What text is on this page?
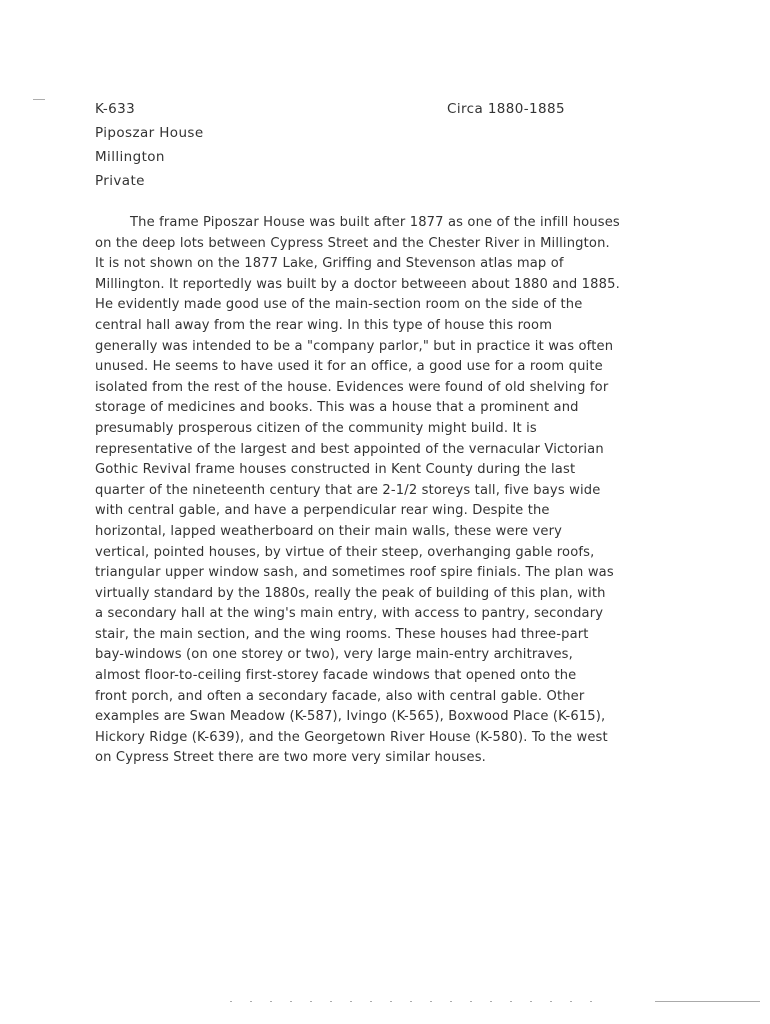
K-633
Piposzar House
Millington
Private
Circa 1880-1885
The frame Piposzar House was built after 1877 as one of the infill houses
on the deep lots between Cypress Street and the Chester River in Millington.
It is not shown on the 1877 Lake, Griffing and Stevenson atlas map of
Millington. It reportedly was built by a doctor betweeen about 1880 and 1885.
He evidently made good use of the main-section room on the side of the
central hall away from the rear wing. In this type of house this room
generally was intended to be a "company parlor," but in practice it was often
unused. He seems to have used it for an office, a good use for a room quite
isolated from the rest of the house. Evidences were found of old shelving for
storage of medicines and books. This was a house that a prominent and
presumably prosperous citizen of the community might build. It is
representative of the largest and best appointed of the vernacular Victorian
Gothic Revival frame houses constructed in Kent County during the last
quarter of the nineteenth century that are 2-1/2 storeys tall, five bays wide
with central gable, and have a perpendicular rear wing. Despite the
horizontal, lapped weatherboard on their main walls, these were very
vertical, pointed houses, by virtue of their steep, overhanging gable roofs,
triangular upper window sash, and sometimes roof spire finials. The plan was
virtually standard by the 1880s, really the peak of building of this plan, with
a secondary hall at the wing's main entry, with access to pantry, secondary
stair, the main section, and the wing rooms. These houses had three-part
bay-windows (on one storey or two), very large main-entry architraves,
almost floor-to-ceiling first-storey facade windows that opened onto the
front porch, and often a secondary facade, also with central gable. Other
examples are Swan Meadow (K-587), Ivingo (K-565), Boxwood Place (K-615),
Hickory Ridge (K-639), and the Georgetown River House (K-580). To the west
on Cypress Street there are two more very similar houses.
